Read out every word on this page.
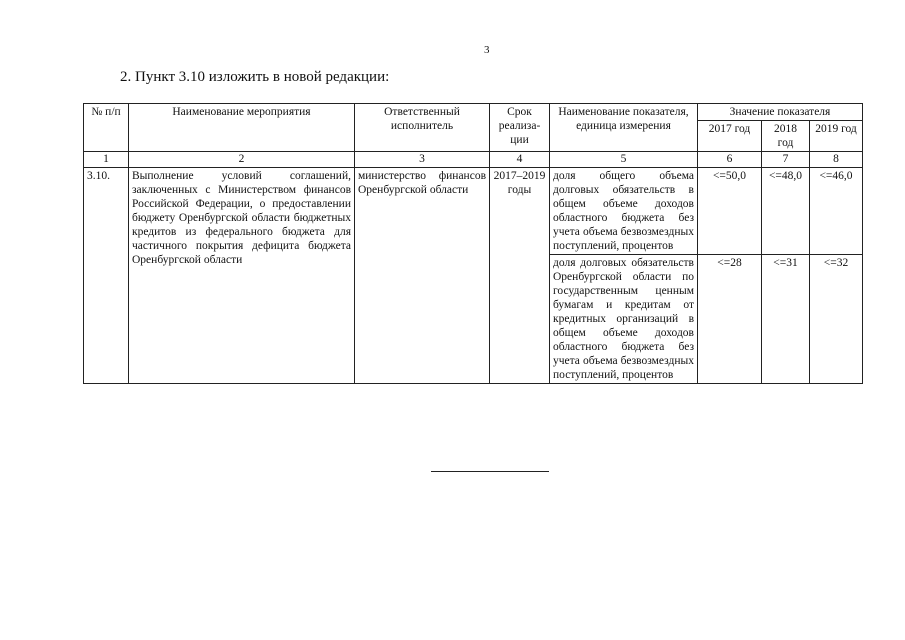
3
2. Пункт 3.10 изложить в новой редакции:
№ п/п	Наименование мероприятия	Ответственный исполнитель	Срок реализа-ции	Наименование показателя, единица измерения	Значение показателя		
					2017 год	2018 год	2019 год
1	2	3	4	5	6	7	8
3.10.	Выполнение условий соглашений, заключенных с Министерством финансов Российской Федерации, о предоставлении бюджету Оренбургской области бюджетных кредитов из федерального бюджета для частичного покрытия дефицита бюджета Оренбургской области	министерство финансов Оренбургской области	2017–2019 годы	доля общего объема долговых обязательств в общем объеме доходов областного бюджета без учета объема безвозмездных поступлений, процентов	<=50,0	<=48,0	<=46,0
				доля долговых обязательств Оренбургской области по государственным ценным бумагам и кредитам от кредитных организаций в общем объеме доходов областного бюджета без учета объема безвозмездных поступлений, процентов	<=28	<=31	<=32
